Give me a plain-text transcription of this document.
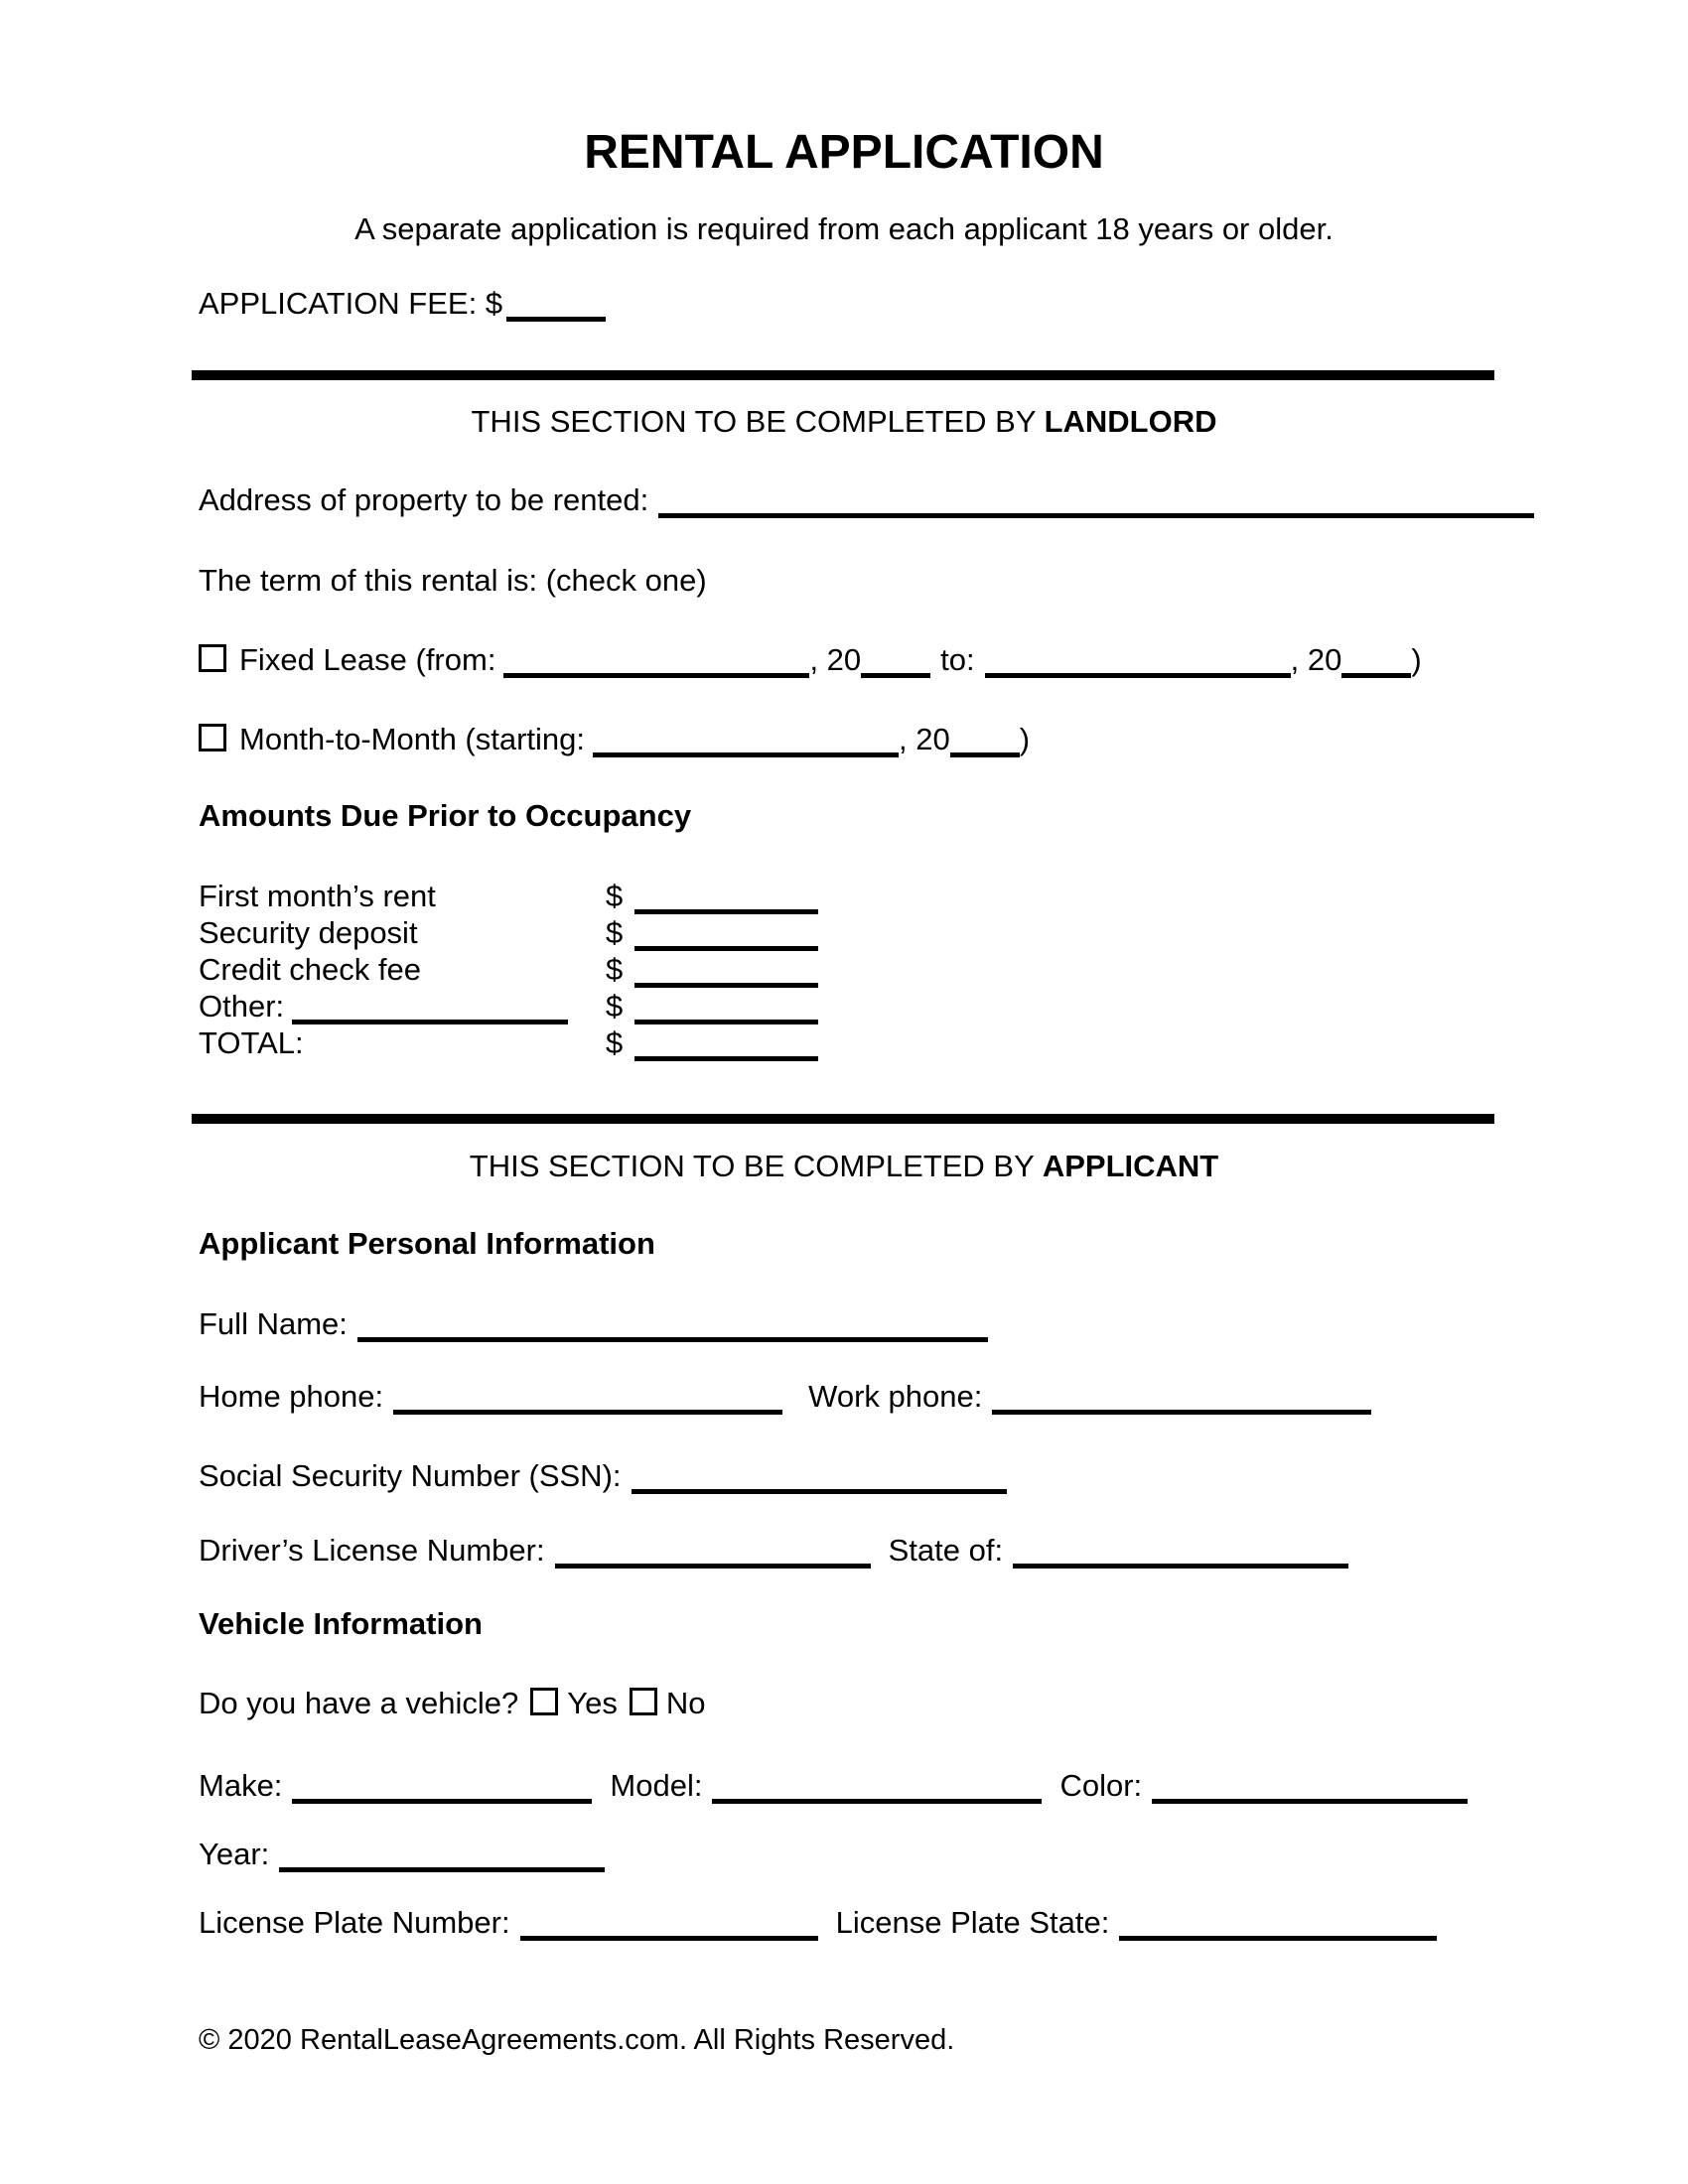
RENTAL APPLICATION
A separate application is required from each applicant 18 years or older.
APPLICATION FEE: $
THIS SECTION TO BE COMPLETED BY LANDLORD
Address of property to be rented:
The term of this rental is: (check one)
Fixed Lease (from:	, 20	to:	, 20 )
Month-to-Month (starting:	, 20 )
Amounts Due Prior to Occupancy
First month’s rent	$
Security deposit	$
Credit check fee	$
Other:	$
TOTAL:	$
THIS SECTION TO BE COMPLETED BY APPLICANT
Applicant Personal Information
Full Name:
Home phone:	Work phone:
Social Security Number (SSN):
Driver’s License Number:	State of:
Vehicle Information
Do you have a vehicle? Yes No
Make:	Model:	Color:
Year:
License Plate Number:	License Plate State:
© 2020 RentalLeaseAgreements.com. All Rights Reserved.
